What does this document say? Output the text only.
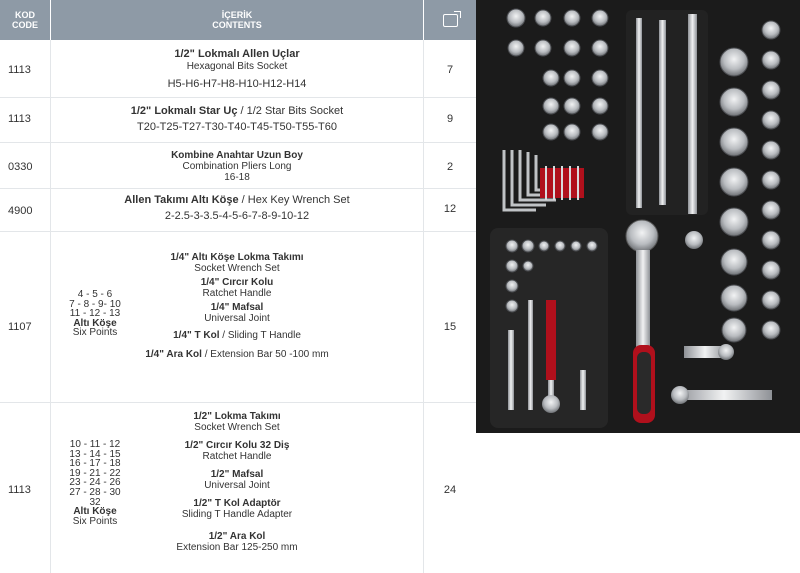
KOD
CODE
İÇERİK
CONTENTS
1113
1/2" Lokmalı Allen Uçlar
Hexagonal Bits Socket
H5-H6-H7-H8-H10-H12-H14
7
1113
1/2" Lokmalı Star Uç / 1/2 Star Bits Socket
T20-T25-T27-T30-T40-T45-T50-T55-T60
9
0330
Kombine Anahtar Uzun Boy
Combination Pliers Long
16-18
2
4900
Allen Takımı Altı Köşe / Hex Key Wrench Set
2-2.5-3-3.5-4-5-6-7-8-9-10-12
12
1107
4 - 5 - 6
7 - 8 - 9- 10
11 - 12 - 13
Altı Köşe
Six Points
1/4" Altı Köşe Lokma Takımı
Socket Wrench Set
1/4" Cırcır Kolu
Ratchet Handle
1/4" Mafsal
Universal Joint
1/4" T Kol / Sliding T Handle
1/4" Ara Kol / Extension Bar 50 -100 mm
15
1113
10 - 11 - 12
13 - 14 - 15
16 - 17 - 18
19 - 21 - 22
23 - 24 - 26
27 - 28 - 30
32
Altı Köşe
Six Points
1/2" Lokma Takımı
Socket Wrench Set
1/2" Cırcır Kolu 32 Diş
Ratchet Handle
1/2" Mafsal
Universal Joint
1/2" T Kol Adaptör
Sliding T Handle Adapter
1/2" Ara Kol
Extension Bar 125-250 mm
24
